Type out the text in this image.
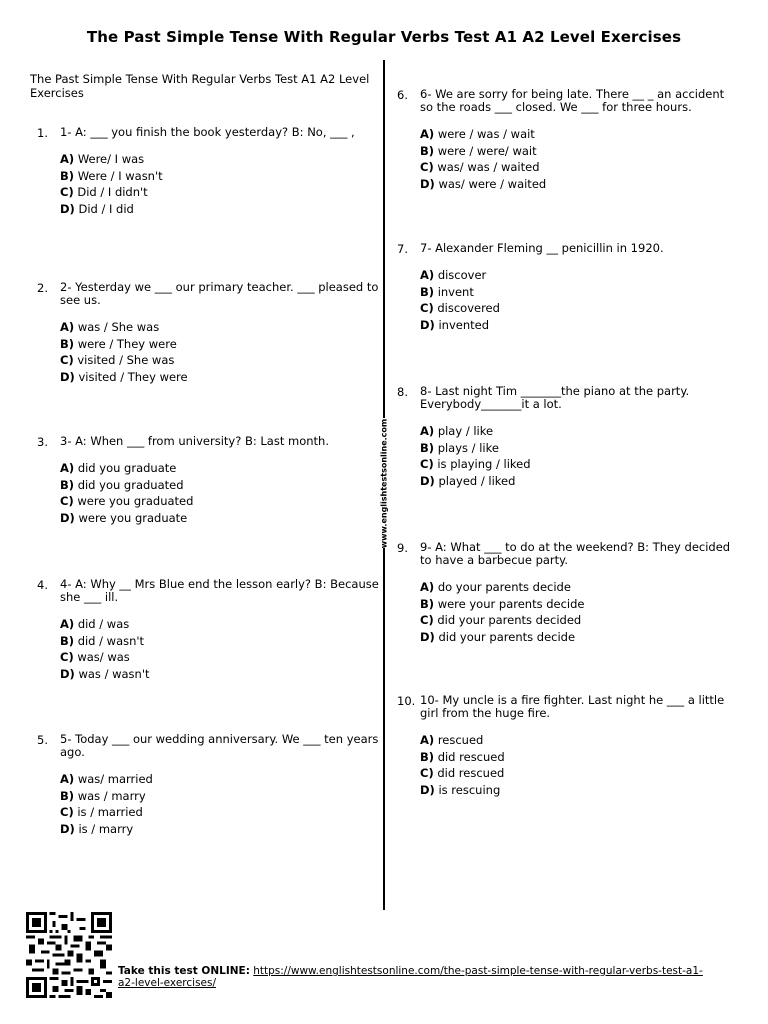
The Past Simple Tense With Regular Verbs Test A1 A2 Level Exercises
www.englishtestsonline.com
The Past Simple Tense With Regular Verbs Test A1 A2 Level Exercises
1. 1- A: ___ you finish the book yesterday? B: No, ___ ,
A) Were/ I was
B) Were / I wasn't
C) Did / I didn't
D) Did / I did
2. 2- Yesterday we ___ our primary teacher. ___ pleased to see us.
A) was / She was
B) were / They were
C) visited / She was
D) visited / They were
3. 3- A: When ___ from university? B: Last month.
A) did you graduate
B) did you graduated
C) were you graduated
D) were you graduate
4. 4- A: Why __ Mrs Blue end the lesson early? B: Because she ___ ill.
A) did / was
B) did / wasn't
C) was/ was
D) was / wasn't
5. 5- Today ___ our wedding anniversary. We ___ ten years ago.
A) was/ married
B) was / marry
C) is / married
D) is / marry
6. 6- We are sorry for being late. There __ _ an accident so the roads ___ closed. We ___ for three hours.
A) were / was / wait
B) were / were/ wait
C) was/ was / waited
D) was/ were / waited
7. 7- Alexander Fleming __ penicillin in 1920.
A) discover
B) invent
C) discovered
D) invented
8. 8- Last night Tim _______the piano at the party. Everybody_______it a lot.
A) play / like
B) plays / like
C) is playing / liked
D) played / liked
9. 9- A: What ___ to do at the weekend? B: They decided to have a barbecue party.
A) do your parents decide
B) were your parents decide
C) did your parents decided
D) did your parents decide
10. 10- My uncle is a fire fighter. Last night he ___ a little girl from the huge fire.
A) rescued
B) did rescued
C) did rescued
D) is rescuing
Take this test ONLINE: https://www.englishtestsonline.com/the-past-simple-tense-with-regular-verbs-test-a1-a2-level-exercises/
